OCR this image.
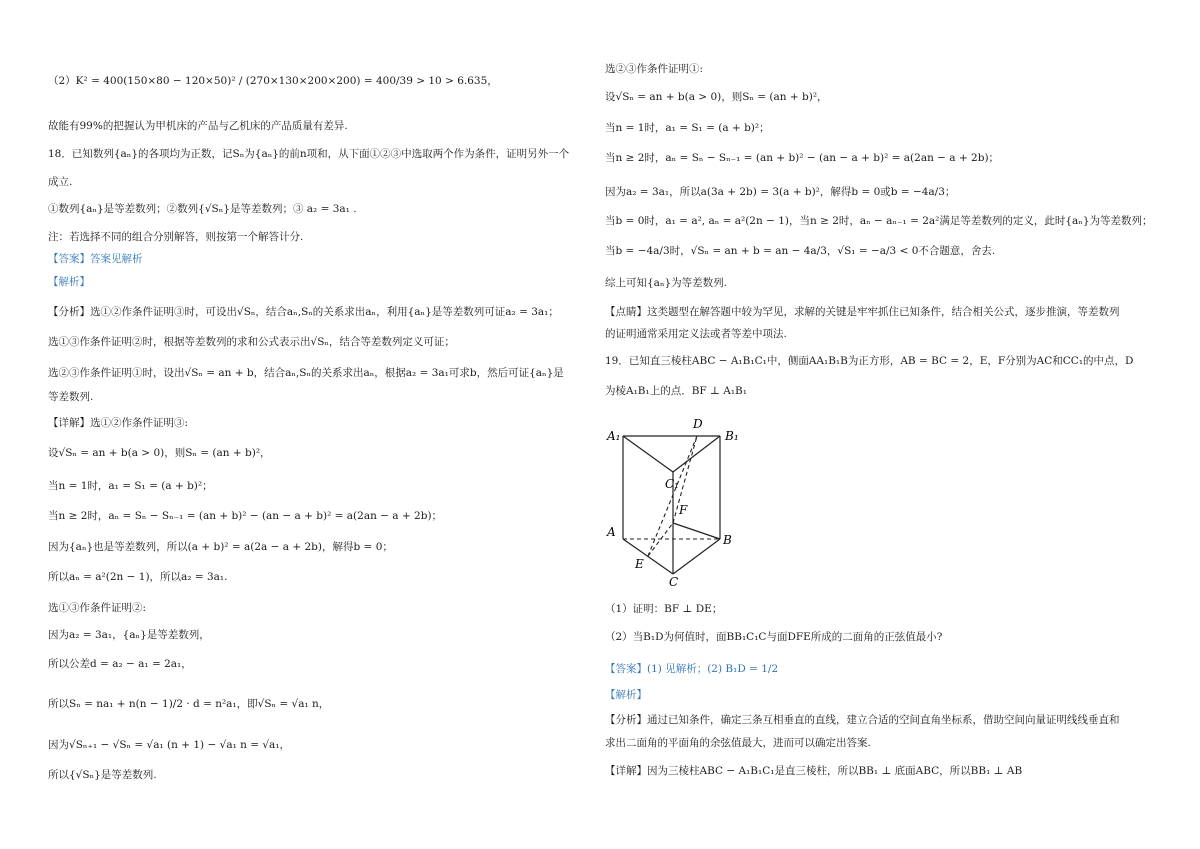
（2）K² = 400(150×80 − 120×50)² / (270×130×200×200) = 400/39 > 10 > 6.635，
故能有99%的把握认为甲机床的产品与乙机床的产品质量有差异.
18．已知数列{aₙ}的各项均为正数，记Sₙ为{aₙ}的前n项和，从下面①②③中选取两个作为条件，证明另外一个
成立.
①数列{aₙ}是等差数列；②数列{√Sₙ}是等差数列；③ a₂ = 3a₁ .
注：若选择不同的组合分别解答，则按第一个解答计分.
【答案】答案见解析
【解析】
【分析】选①②作条件证明③时，可设出√Sₙ，结合aₙ,Sₙ的关系求出aₙ，利用{aₙ}是等差数列可证a₂ = 3a₁；
选①③作条件证明②时，根据等差数列的求和公式表示出√Sₙ，结合等差数列定义可证；
选②③作条件证明①时，设出√Sₙ = an + b，结合aₙ,Sₙ的关系求出aₙ，根据a₂ = 3a₁可求b，然后可证{aₙ}是
等差数列.
【详解】选①②作条件证明③:
设√Sₙ = an + b(a > 0)，则Sₙ = (an + b)²，
当n = 1时，a₁ = S₁ = (a + b)²；
当n ≥ 2时，aₙ = Sₙ − Sₙ₋₁ = (an + b)² − (an − a + b)² = a(2an − a + 2b)；
因为{aₙ}也是等差数列，所以(a + b)² = a(2a − a + 2b)，解得b = 0；
所以aₙ = a²(2n − 1)，所以a₂ = 3a₁.
选①③作条件证明②:
因为a₂ = 3a₁，{aₙ}是等差数列，
所以公差d = a₂ − a₁ = 2a₁，
所以Sₙ = na₁ + n(n − 1)/2 · d = n²a₁，即√Sₙ = √a₁ n，
因为√Sₙ₊₁ − √Sₙ = √a₁ (n + 1) − √a₁ n = √a₁，
所以{√Sₙ}是等差数列.
选②③作条件证明①:
设√Sₙ = an + b(a > 0)，则Sₙ = (an + b)²，
当n = 1时，a₁ = S₁ = (a + b)²；
当n ≥ 2时，aₙ = Sₙ − Sₙ₋₁ = (an + b)² − (an − a + b)² = a(2an − a + 2b)；
因为a₂ = 3a₁，所以a(3a + 2b) = 3(a + b)²，解得b = 0或b = −4a/3；
当b = 0时，a₁ = a², aₙ = a²(2n − 1)，当n ≥ 2时，aₙ − aₙ₋₁ = 2a²满足等差数列的定义，此时{aₙ}为等差数列；
当b = −4a/3时，√Sₙ = an + b = an − 4a/3，√S₁ = −a/3 < 0不合题意，舍去.
综上可知{aₙ}为等差数列.
【点睛】这类题型在解答题中较为罕见，求解的关键是牢牢抓住已知条件，结合相关公式，逐步推演，等差数列
的证明通常采用定义法或者等差中项法.
19．已知直三棱柱ABC − A₁B₁C₁中，侧面AA₁B₁B为正方形，AB = BC = 2，E，F分别为AC和CC₁的中点，D
为棱A₁B₁上的点．BF ⊥ A₁B₁
A₁
D
B₁
C₁
F
A
B
E
C
（1）证明：BF ⊥ DE；
（2）当B₁D为何值时，面BB₁C₁C与面DFE所成的二面角的正弦值最小?
【答案】(1) 见解析；(2) B₁D = 1/2
【解析】
【分析】通过已知条件，确定三条互相垂直的直线，建立合适的空间直角坐标系，借助空间向量证明线线垂直和
求出二面角的平面角的余弦值最大，进而可以确定出答案.
【详解】因为三棱柱ABC − A₁B₁C₁是直三棱柱，所以BB₁ ⊥ 底面ABC，所以BB₁ ⊥ AB
